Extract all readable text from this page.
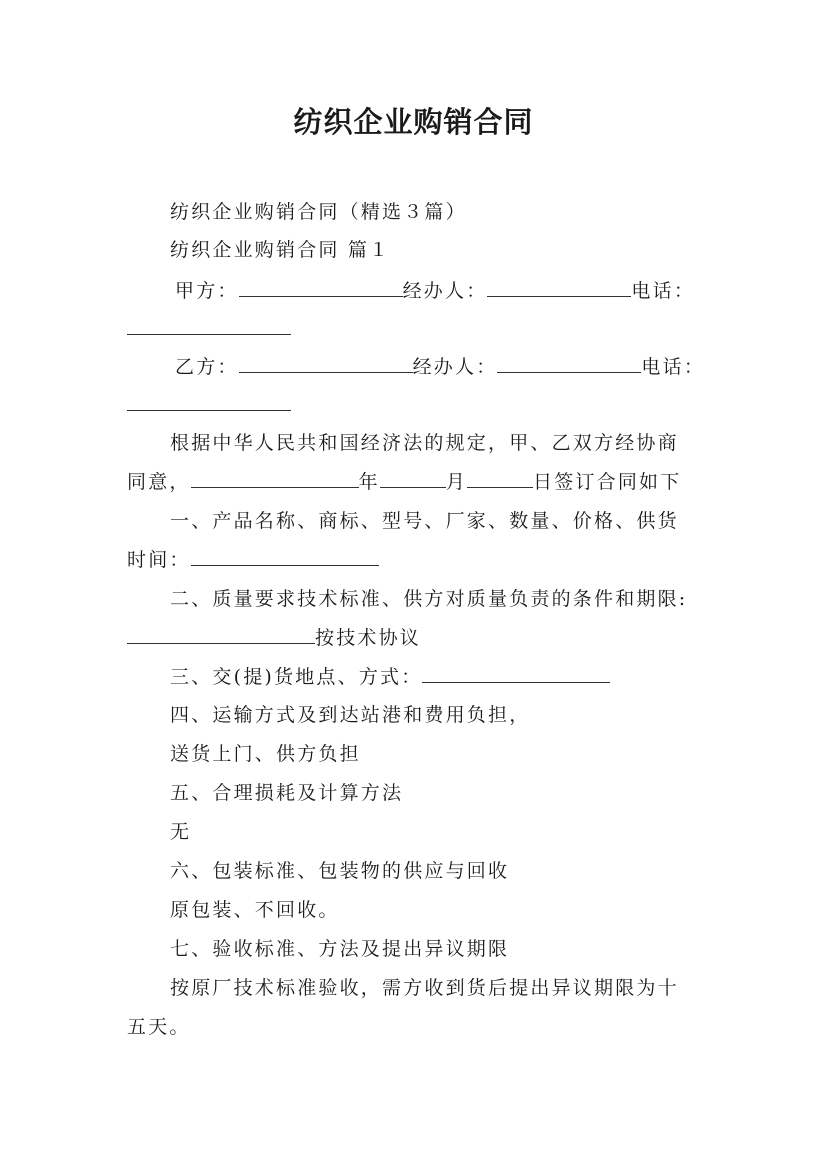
纺织企业购销合同
纺织企业购销合同（精选３篇）
纺织企业购销合同 篇１
甲方：	经办人：	电话：
乙方：	经办人：	电话：
根据中华人民共和国经济法的规定，甲、乙双方经协商
同意，	年	月	日签订合同如下
一、产品名称、商标、型号、厂家、数量、价格、供货
时间：
二、质量要求技术标准、供方对质量负责的条件和期限:
按技术协议
三、交(提)货地点、方式：
四、运输方式及到达站港和费用负担，
送货上门、供方负担
五、合理损耗及计算方法
无
六、包装标准、包装物的供应与回收
原包装、不回收。
七、验收标准、方法及提出异议期限
按原厂技术标准验收，需方收到货后提出异议期限为十
五天。
